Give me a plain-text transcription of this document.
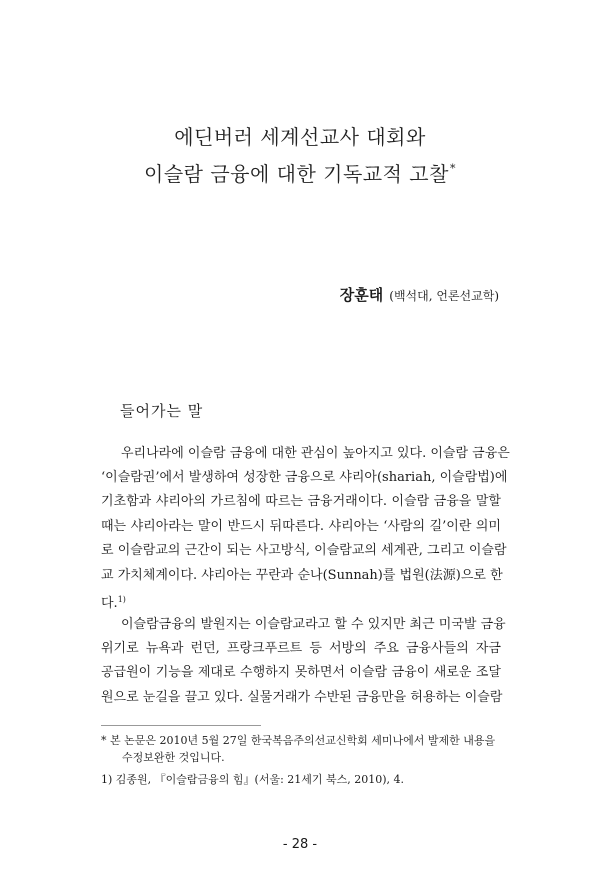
에딘버러 세계선교사 대회와
이슬람 금융에 대한 기독교적 고찰*
장훈태 (백석대, 언론선교학)
들어가는 말
우리나라에 이슬람 금융에 대한 관심이 높아지고 있다. 이슬람 금융은
‘이슬람권’에서 발생하여 성장한 금융으로 샤리아(shariah, 이슬람법)에
기초함과 샤리아의 가르침에 따르는 금융거래이다. 이슬람 금융을 말할
때는 샤리아라는 말이 반드시 뒤따른다. 샤리아는 ‘사람의 길’이란 의미
로 이슬람교의 근간이 되는 사고방식, 이슬람교의 세계관, 그리고 이슬람
교 가치체계이다. 샤리아는 꾸란과 순나(Sunnah)를 법원(法源)으로 한
다.$^{1)}$
이슬람금융의 발원지는 이슬람교라고 할 수 있지만 최근 미국발 금융
위기로 뉴욕과 런던, 프랑크푸르트 등 서방의 주요 금융사들의 자금
공급원이 기능을 제대로 수행하지 못하면서 이슬람 금융이 새로운 조달
원으로 눈길을 끌고 있다. 실물거래가 수반된 금융만을 허용하는 이슬람
* 본 논문은 2010년 5월 27일 한국복음주의선교신학회 세미나에서 발제한 내용을
수정보완한 것입니다.
1) 김종원, 『이슬람금융의 힘』(서울: 21세기 북스, 2010), 4.
- 28 -
